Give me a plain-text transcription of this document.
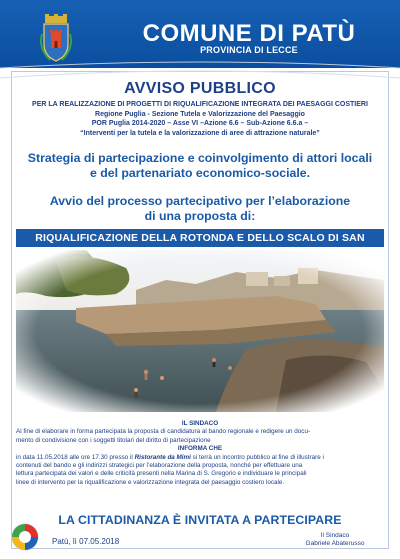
COMUNE DI PATÙ
PROVINCIA DI LECCE
AVVISO PUBBLICO
PER LA REALIZZAZIONE DI PROGETTI DI RIQUALIFICAZIONE INTEGRATA DEI PAESAGGI COSTIERI
Regione Puglia - Sezione Tutela e Valorizzazione del Paesaggio
POR Puglia 2014-2020 – Asse VI –Azione 6.6 – Sub-Azione 6.6.a –
“Interventi per la tutela e la valorizzazione di aree di attrazione naturale”
Strategia di partecipazione e coinvolgimento di attori locali
e del partenariato economico-sociale.
Avvio del processo partecipativo per l’elaborazione
di una proposta di:
RIQUALIFICAZIONE DELLA ROTONDA E DELLO SCALO DI SAN
IL SINDACO
Al fine di elaborare in forma partecipata la proposta di candidatura al bando regionale e redigere un docu-
mento di condivisione con i soggetti titolari del diritto di partecipazione
INFORMA CHE
in data 11.05.2018 alle ore 17.30 presso il Ristorante da Mimì si terrà un incontro pubblico al fine di illustrare i
contenuti del bando e gli indirizzi strategici per l’elaborazione della proposta, nonché per effettuare una
lettura partecipata dei valori e delle criticità presenti nella Marina di S. Gregorio e individuare le principali
linee di intervento per la riqualificazione e valorizzazione integrata del paesaggio costiero locale.
LA CITTADINANZA È INVITATA A PARTECIPARE
Patù, lì 07.05.2018
Il Sindaco
Gabriele Abaterusso
